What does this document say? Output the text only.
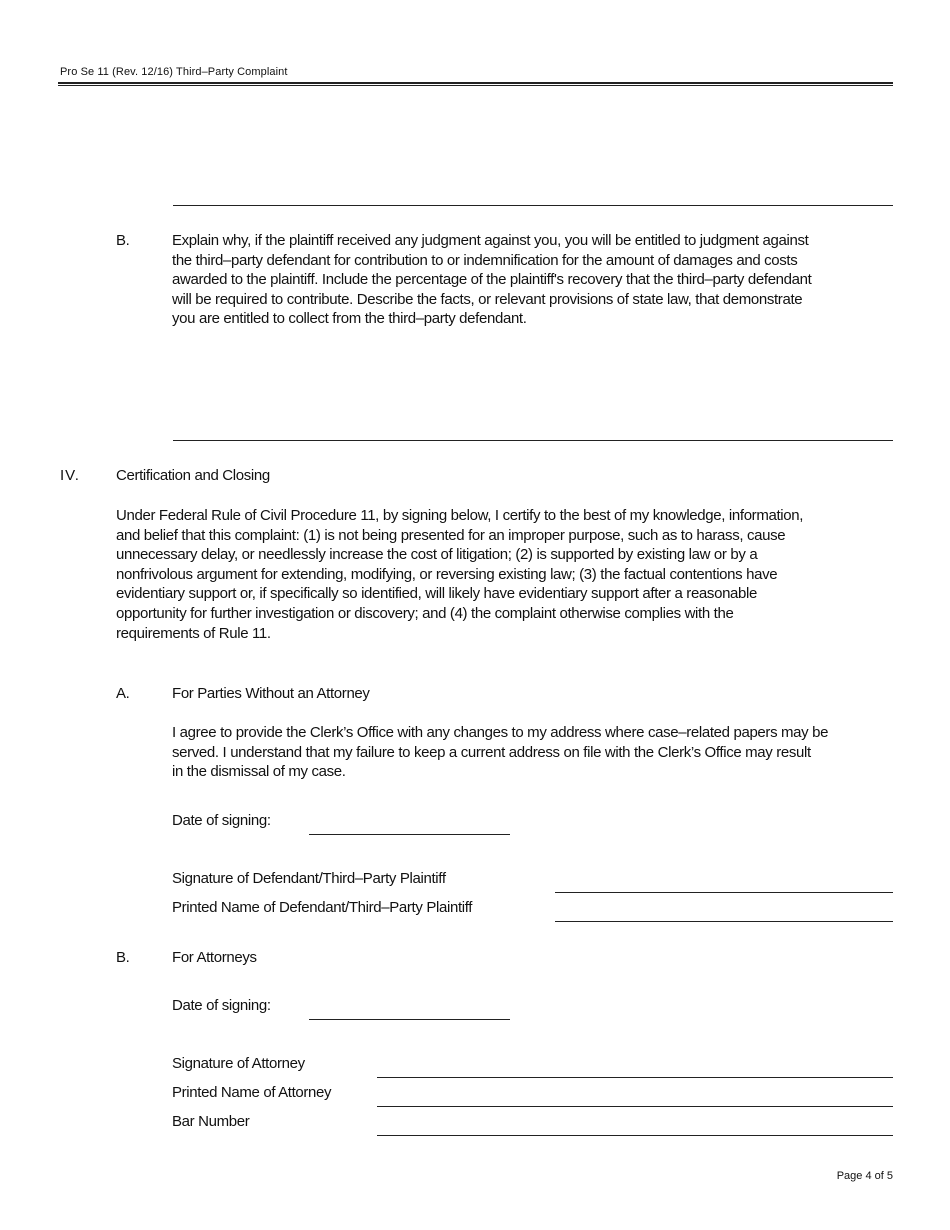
Pro Se 11 (Rev. 12/16) Third–Party Complaint
B.	Explain why, if the plaintiff received any judgment against you, you will be entitled to judgment against
the third–party defendant for contribution to or indemnification for the amount of damages and costs
awarded to the plaintiff. Include the percentage of the plaintiff's recovery that the third–party defendant
will be required to contribute. Describe the facts, or relevant provisions of state law, that demonstrate
you are entitled to collect from the third–party defendant.
IV. Certification and Closing
Under Federal Rule of Civil Procedure 11, by signing below, I certify to the best of my knowledge, information,
and belief that this complaint: (1) is not being presented for an improper purpose, such as to harass, cause
unnecessary delay, or needlessly increase the cost of litigation; (2) is supported by existing law or by a
nonfrivolous argument for extending, modifying, or reversing existing law; (3) the factual contentions have
evidentiary support or, if specifically so identified, will likely have evidentiary support after a reasonable
opportunity for further investigation or discovery; and (4) the complaint otherwise complies with the
requirements of Rule 11.
A.	For Parties Without an Attorney
I agree to provide the Clerk’s Office with any changes to my address where case–related papers may be
served. I understand that my failure to keep a current address on file with the Clerk’s Office may result
in the dismissal of my case.
Date of signing:
Signature of Defendant/Third–Party Plaintiff
Printed Name of Defendant/Third–Party Plaintiff
B.	For Attorneys
Date of signing:
Signature of Attorney
Printed Name of Attorney
Bar Number
Page 4 of 5
